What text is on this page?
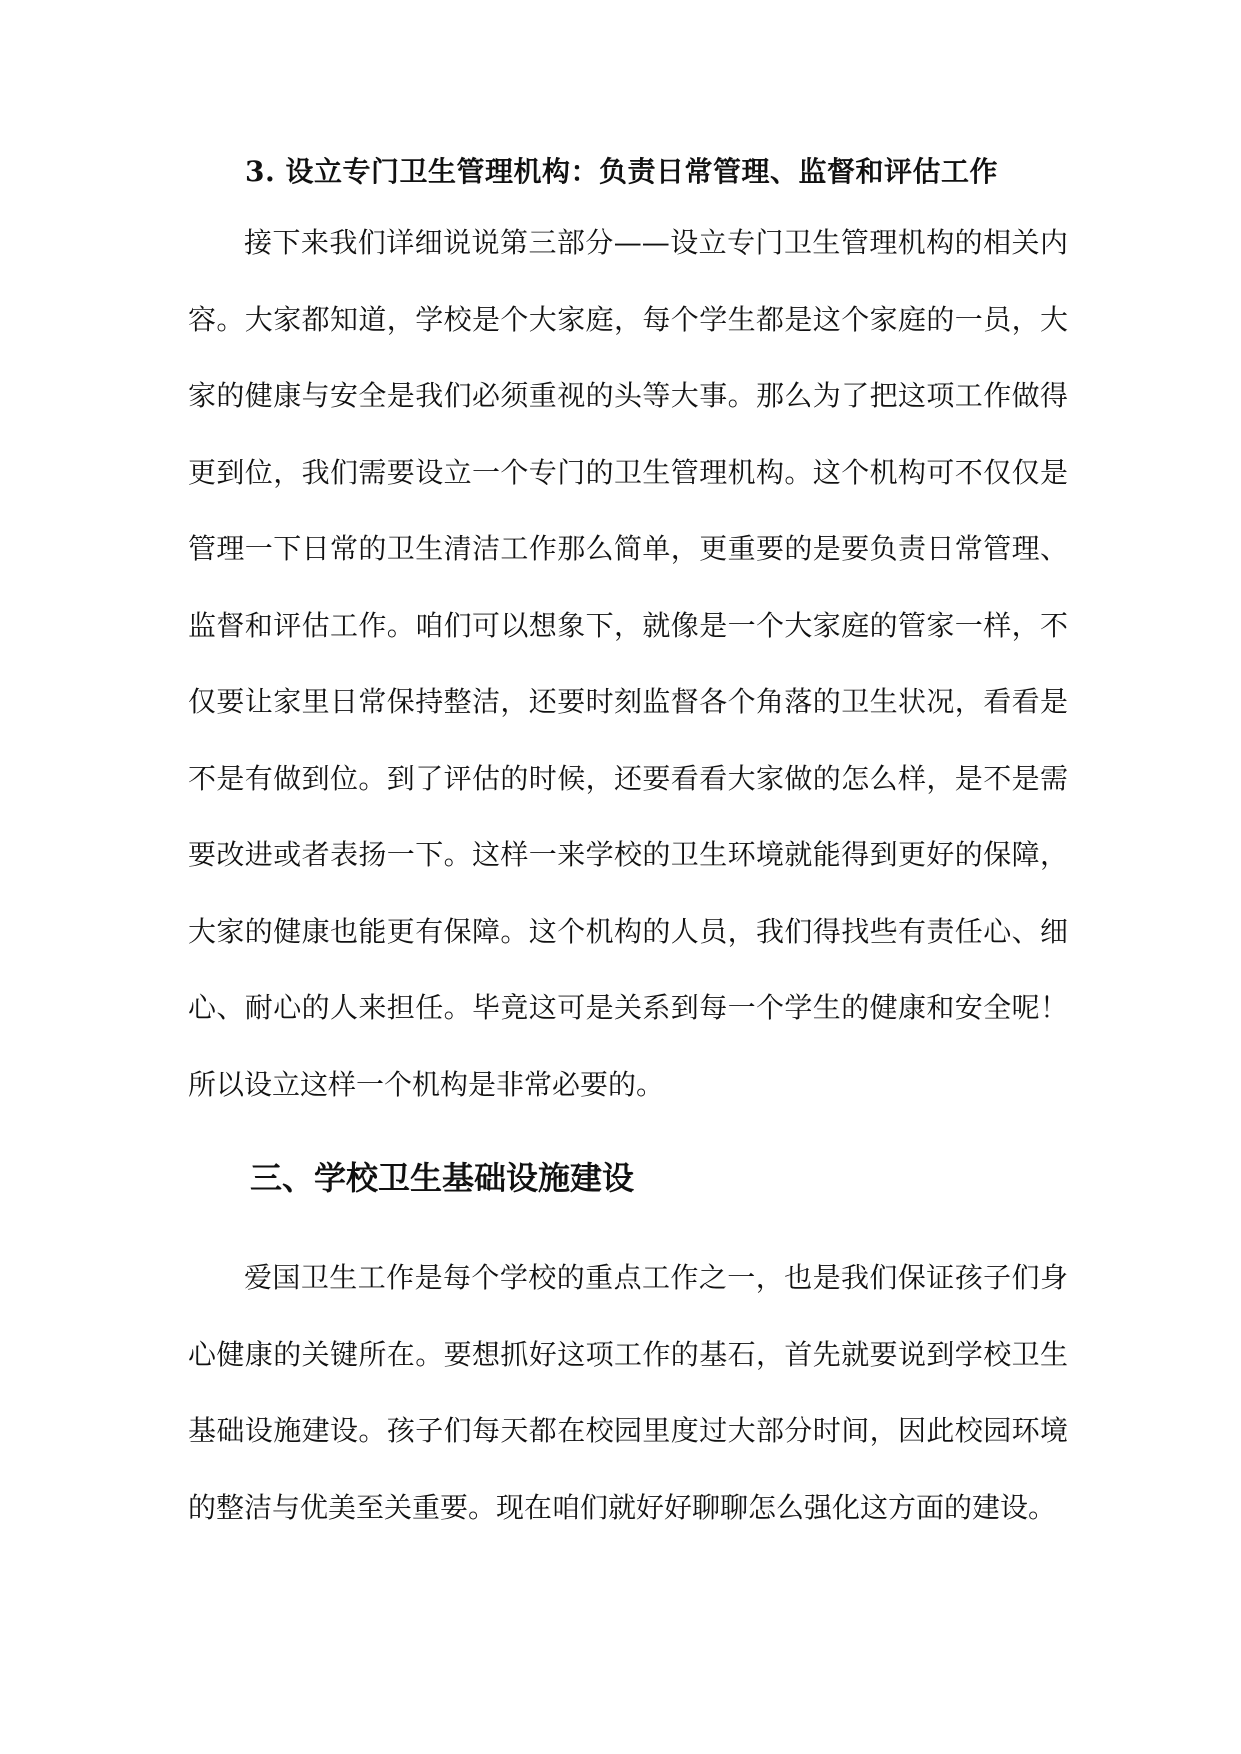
3. 设立专门卫生管理机构：负责日常管理、监督和评估工作

接下来我们详细说说第三部分——设立专门卫生管理机构的相关内容。大家都知道，学校是个大家庭，每个学生都是这个家庭的一员，大家的健康与安全是我们必须重视的头等大事。那么为了把这项工作做得更到位，我们需要设立一个专门的卫生管理机构。这个机构可不仅仅是管理一下日常的卫生清洁工作那么简单，更重要的是要负责日常管理、监督和评估工作。咱们可以想象下，就像是一个大家庭的管家一样，不仅要让家里日常保持整洁，还要时刻监督各个角落的卫生状况，看看是不是有做到位。到了评估的时候，还要看看大家做的怎么样，是不是需要改进或者表扬一下。这样一来学校的卫生环境就能得到更好的保障，大家的健康也能更有保障。这个机构的人员，我们得找些有责任心、细心、耐心的人来担任。毕竟这可是关系到每一个学生的健康和安全呢！所以设立这样一个机构是非常必要的。

三、学校卫生基础设施建设

爱国卫生工作是每个学校的重点工作之一，也是我们保证孩子们身心健康的关键所在。要想抓好这项工作的基石，首先就要说到学校卫生基础设施建设。孩子们每天都在校园里度过大部分时间，因此校园环境的整洁与优美至关重要。现在咱们就好好聊聊怎么强化这方面的建设。
